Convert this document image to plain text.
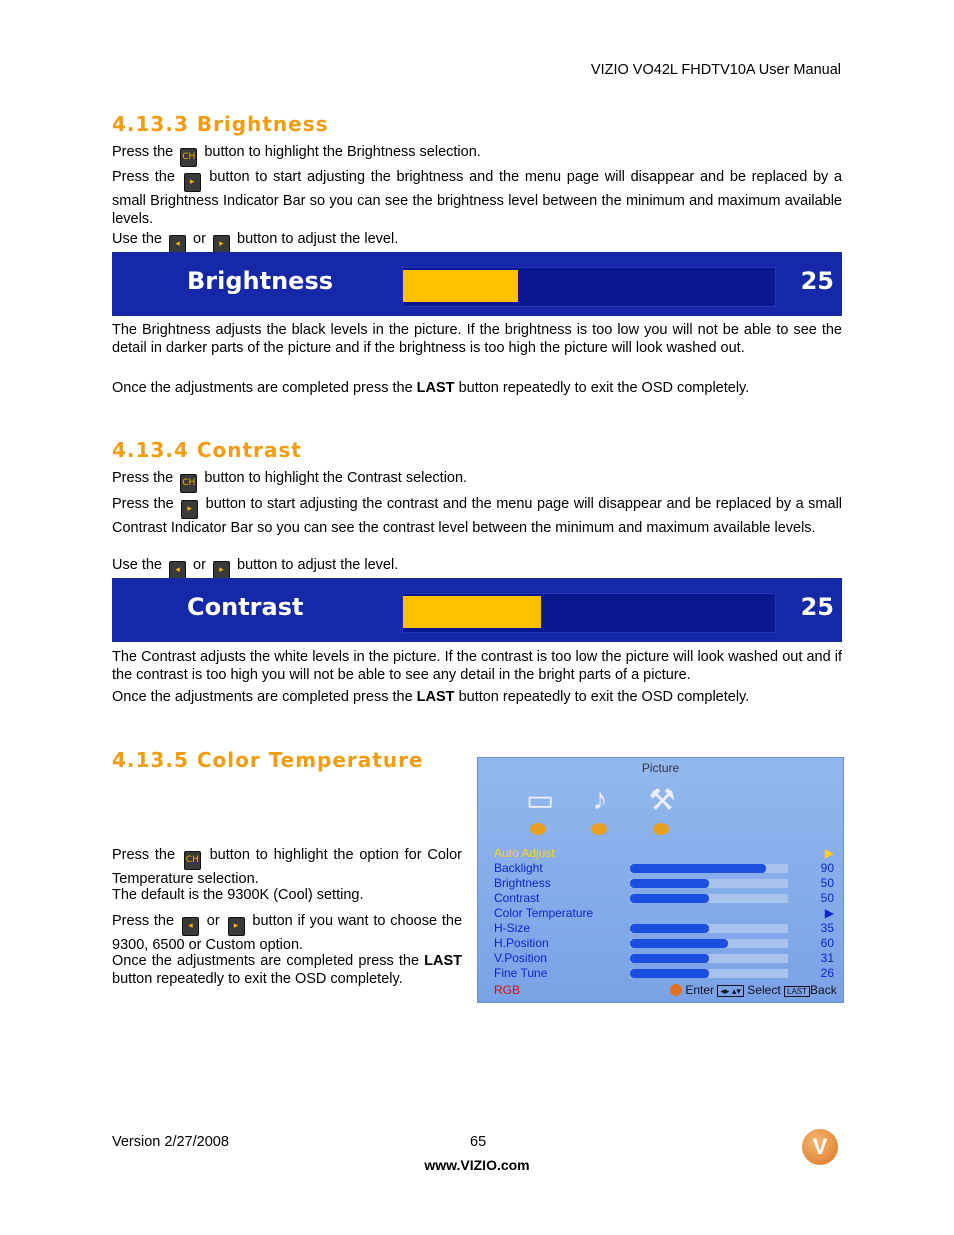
VIZIO VO42L FHDTV10A User Manual
4.13.3 Brightness
Press the CH button to highlight the Brightness selection.
Press the ▸ button to start adjusting the brightness and the menu page will disappear and be replaced by a small Brightness Indicator Bar so you can see the brightness level between the minimum and maximum available levels.
Use the ◂ or ▸ button to adjust the level.
Brightness	25
The Brightness adjusts the black levels in the picture. If the brightness is too low you will not be able to see the detail in darker parts of the picture and if the brightness is too high the picture will look washed out.
Once the adjustments are completed press the LAST button repeatedly to exit the OSD completely.
4.13.4 Contrast
Press the CH button to highlight the Contrast selection.
Press the ▸ button to start adjusting the contrast and the menu page will disappear and be replaced by a small Contrast Indicator Bar so you can see the contrast level between the minimum and maximum available levels.
Use the ◂ or ▸ button to adjust the level.
Contrast	25
The Contrast adjusts the white levels in the picture. If the contrast is too low the picture will look washed out and if the contrast is too high you will not be able to see any detail in the bright parts of a picture.
Once the adjustments are completed press the LAST button repeatedly to exit the OSD completely.
4.13.5 Color Temperature
Press the CH button to highlight the option for Color Temperature selection.
The default is the 9300K (Cool) setting.
Press the ◂ or ▸ button if you want to choose the 9300, 6500 or Custom option.
Once the adjustments are completed press the LAST button repeatedly to exit the OSD completely.
Picture
▭	♪	⚒
Auto Adjust	▶
Backlight	90
Brightness	50
Contrast	50
Color Temperature	▶
H-Size	35
H.Position	60
V.Position	31
Fine Tune	26
RGB	Enter ◂▸ ▴▾ Select LAST Back
Version 2/27/2008	65
www.VIZIO.com
V
